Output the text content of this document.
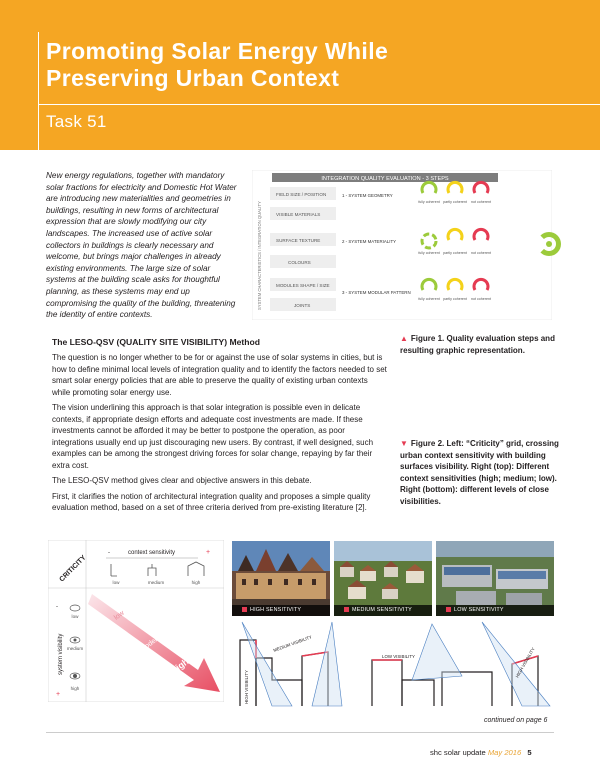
Promoting Solar Energy While Preserving Urban Context
Task 51

New energy regulations, together with mandatory solar fractions for electricity and Domestic Hot Water are introducing new materialities and geometries in buildings, resulting in new forms of architectural expression that are slowly modifying our city landscapes. The increased use of active solar collectors in buildings is clearly necessary and welcome, but brings major challenges in already existing environments. The large size of solar systems at the building scale asks for thoughtful planning, as these systems may end up compromising the quality of the building, threatening the identity of entire contexts.

INTEGRATION QUALITY EVALUATION - 3 STEPS
SYSTEM CHARACTERISTICS / INTEGRATION QUALITY
FIELD SIZE / POSITION
VISIBLE MATERIALS
SURFACE TEXTURE
COLOURS
MODULES SHAPE / SIZE
JOINTS
1 - SYSTEM GEOMETRY
2 - SYSTEM MATERIALITY
3 - SYSTEM MODULAR PATTERN
fully coherent partly coherent not coherent
fully coherent partly coherent not coherent
fully coherent partly coherent not coherent
The LESO-QSV (QUALITY SITE VISIBILITY) Method

The question is no longer whether to be for or against the use of solar systems in cities, but is how to define minimal local levels of integration quality and to identify the factors needed to set smart solar energy policies that are able to preserve the quality of existing urban contexts while promoting solar energy use.

The vision underlining this approach is that solar integration is possible even in delicate contexts, if appropriate design efforts and adequate cost investments are made. If these investments cannot be afforded it may be better to postpone the operation, as poor integrations usually end up just discouraging new users. By contrast, if well designed, such examples can be among the strongest driving forces for solar change, repaying by far their extra cost.

The LESO-QSV method gives clear and objective answers in this debate.

First, it clarifies the notion of architectural integration quality and proposes a simple quality evaluation method, based on a set of three criteria derived from pre-existing literature [2].

▲ Figure 1. Quality evaluation steps and resulting graphic representation.
▼ Figure 2. Left: “Criticity” grid, crossing urban context sensitivity with building surfaces visibility. Right (top): Different context sensitivities (high; medium; low). Right (bottom): different levels of close visibilities.
CRITICITY
-	context sensitivity	+
low	medium	high
system visibility
-
+
low
medium
high
low
moderate
high
HIGH SENSITIVITY	MEDIUM SENSITIVITY	LOW SENSITIVITY
HIGH VISIBILITY
MEDIUM VISIBILITY
LOW VISIBILITY	HIGH VISIBILITY
continued on page 6
shc solar update May 2016 5
